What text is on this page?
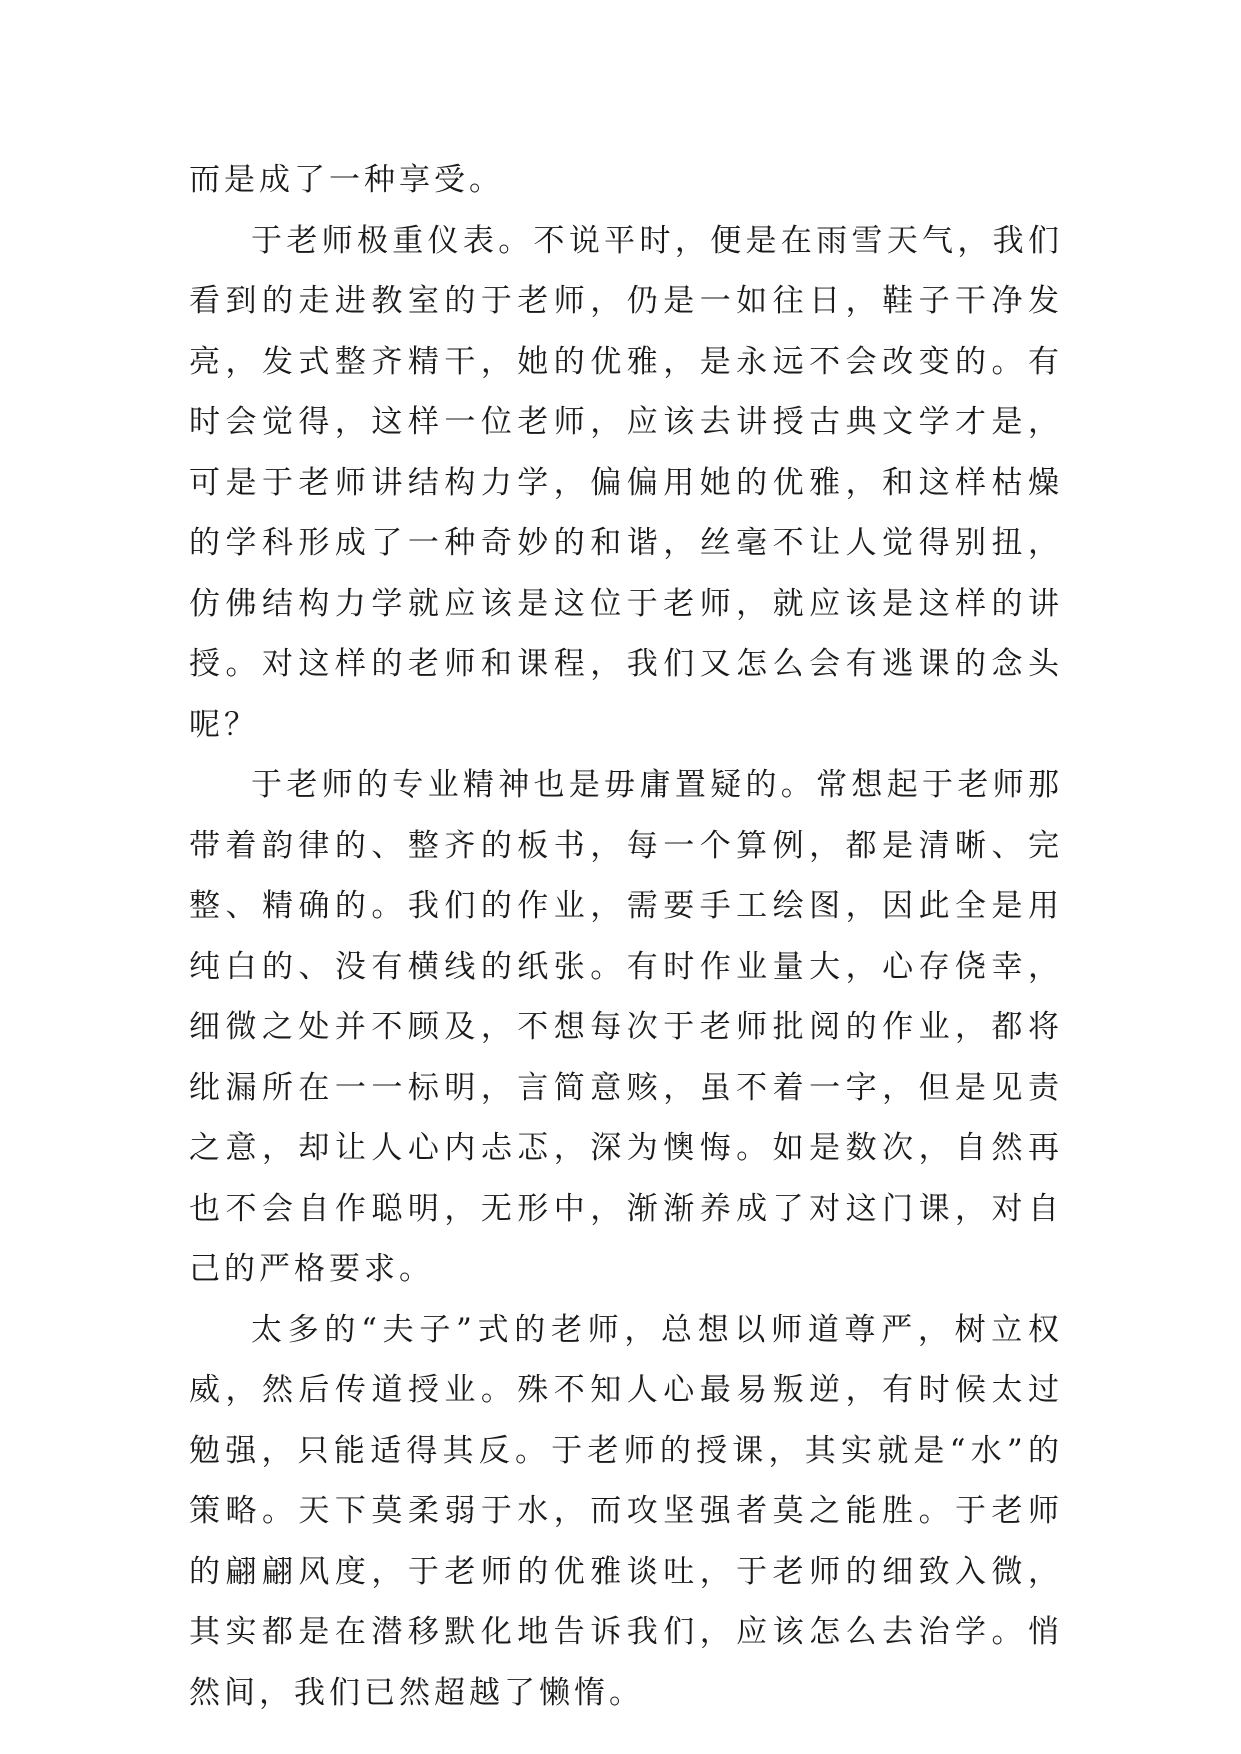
而是成了一种享受。

于老师极重仪表。不说平时，便是在雨雪天气，我们看到的走进教室的于老师，仍是一如往日，鞋子干净发亮，发式整齐精干，她的优雅，是永远不会改变的。有时会觉得，这样一位老师，应该去讲授古典文学才是，可是于老师讲结构力学，偏偏用她的优雅，和这样枯燥的学科形成了一种奇妙的和谐，丝毫不让人觉得别扭，仿佛结构力学就应该是这位于老师，就应该是这样的讲授。对这样的老师和课程，我们又怎么会有逃课的念头呢？

于老师的专业精神也是毋庸置疑的。常想起于老师那带着韵律的、整齐的板书，每一个算例，都是清晰、完整、精确的。我们的作业，需要手工绘图，因此全是用纯白的、没有横线的纸张。有时作业量大，心存侥幸，细微之处并不顾及，不想每次于老师批阅的作业，都将纰漏所在一一标明，言简意赅，虽不着一字，但是见责之意，却让人心内忐忑，深为懊悔。如是数次，自然再也不会自作聪明，无形中，渐渐养成了对这门课，对自己的严格要求。

太多的“夫子”式的老师，总想以师道尊严，树立权威，然后传道授业。殊不知人心最易叛逆，有时候太过勉强，只能适得其反。于老师的授课，其实就是“水”的策略。天下莫柔弱于水，而攻坚强者莫之能胜。于老师的翩翩风度，于老师的优雅谈吐，于老师的细致入微，其实都是在潜移默化地告诉我们，应该怎么去治学。悄然间，我们已然超越了懒惰。
